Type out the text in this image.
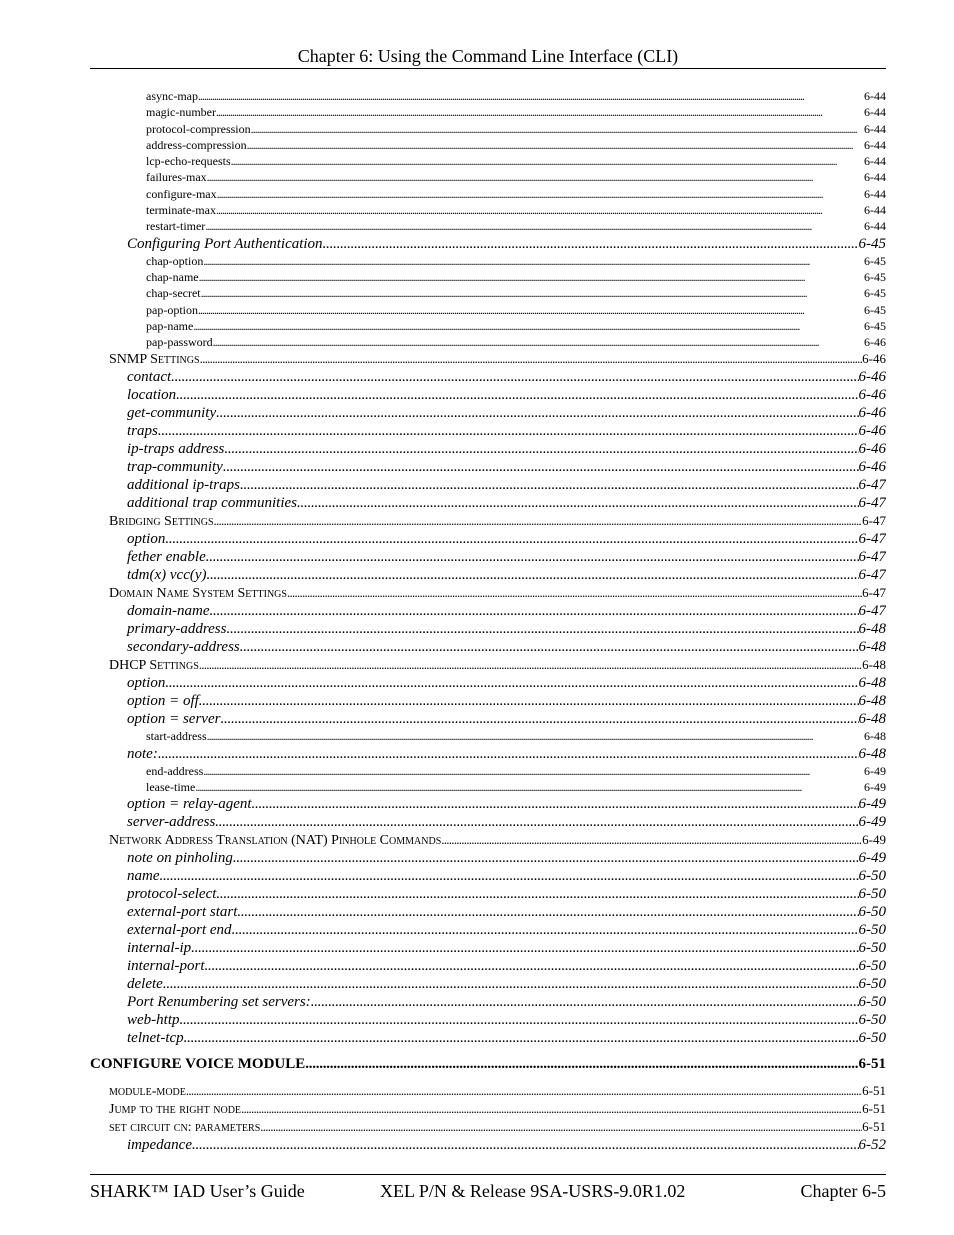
Chapter 6: Using the Command Line Interface (CLI)
async-map . . .	6-44
magic-number . . .	6-44
protocol-compression . . .	6-44
address-compression . . .	6-44
lcp-echo-requests . . .	6-44
failures-max . . .	6-44
configure-max . . .	6-44
terminate-max . . .	6-44
restart-timer . . .	6-44
Configuring Port Authentication . . .	6-45
chap-option . . .	6-45
chap-name . . .	6-45
chap-secret . . .	6-45
pap-option . . .	6-45
pap-name . . .	6-45
pap-password . . .	6-46
SNMP Settings . . .	6-46
contact . . .	6-46
location . . .	6-46
get-community . . .	6-46
traps . . .	6-46
ip-traps address . . .	6-46
trap-community . . .	6-46
additional ip-traps . . .	6-47
additional trap communities . . .	6-47
Bridging Settings . . .	6-47
option . . .	6-47
fether enable . . .	6-47
tdm(x) vcc(y) . . .	6-47
Domain Name System Settings . . .	6-47
domain-name . . .	6-47
primary-address . . .	6-48
secondary-address . . .	6-48
DHCP Settings . . .	6-48
option . . .	6-48
option = off . . .	6-48
option = server . . .	6-48
start-address . . .	6-48
note: . . .	6-48
end-address . . .	6-49
lease-time . . .	6-49
option = relay-agent . . .	6-49
server-address . . .	6-49
Network Address Translation (NAT) Pinhole Commands . . .	6-49
note on pinholing . . .	6-49
name . . .	6-50
protocol-select . . .	6-50
external-port start . . .	6-50
external-port end . . .	6-50
internal-ip . . .	6-50
internal-port . . .	6-50
delete . . .	6-50
Port Renumbering set servers: . . .	6-50
web-http . . .	6-50
telnet-tcp . . .	6-50
CONFIGURE VOICE MODULE . . .	6-51
module-mode . . .	6-51
Jump to the right node . . .	6-51
set circuit cn: parameters . . .	6-51
impedance . . .	6-52
SHARK™ IAD User’s Guide	XEL P/N & Release 9SA-USRS-9.0R1.02	Chapter 6-5
